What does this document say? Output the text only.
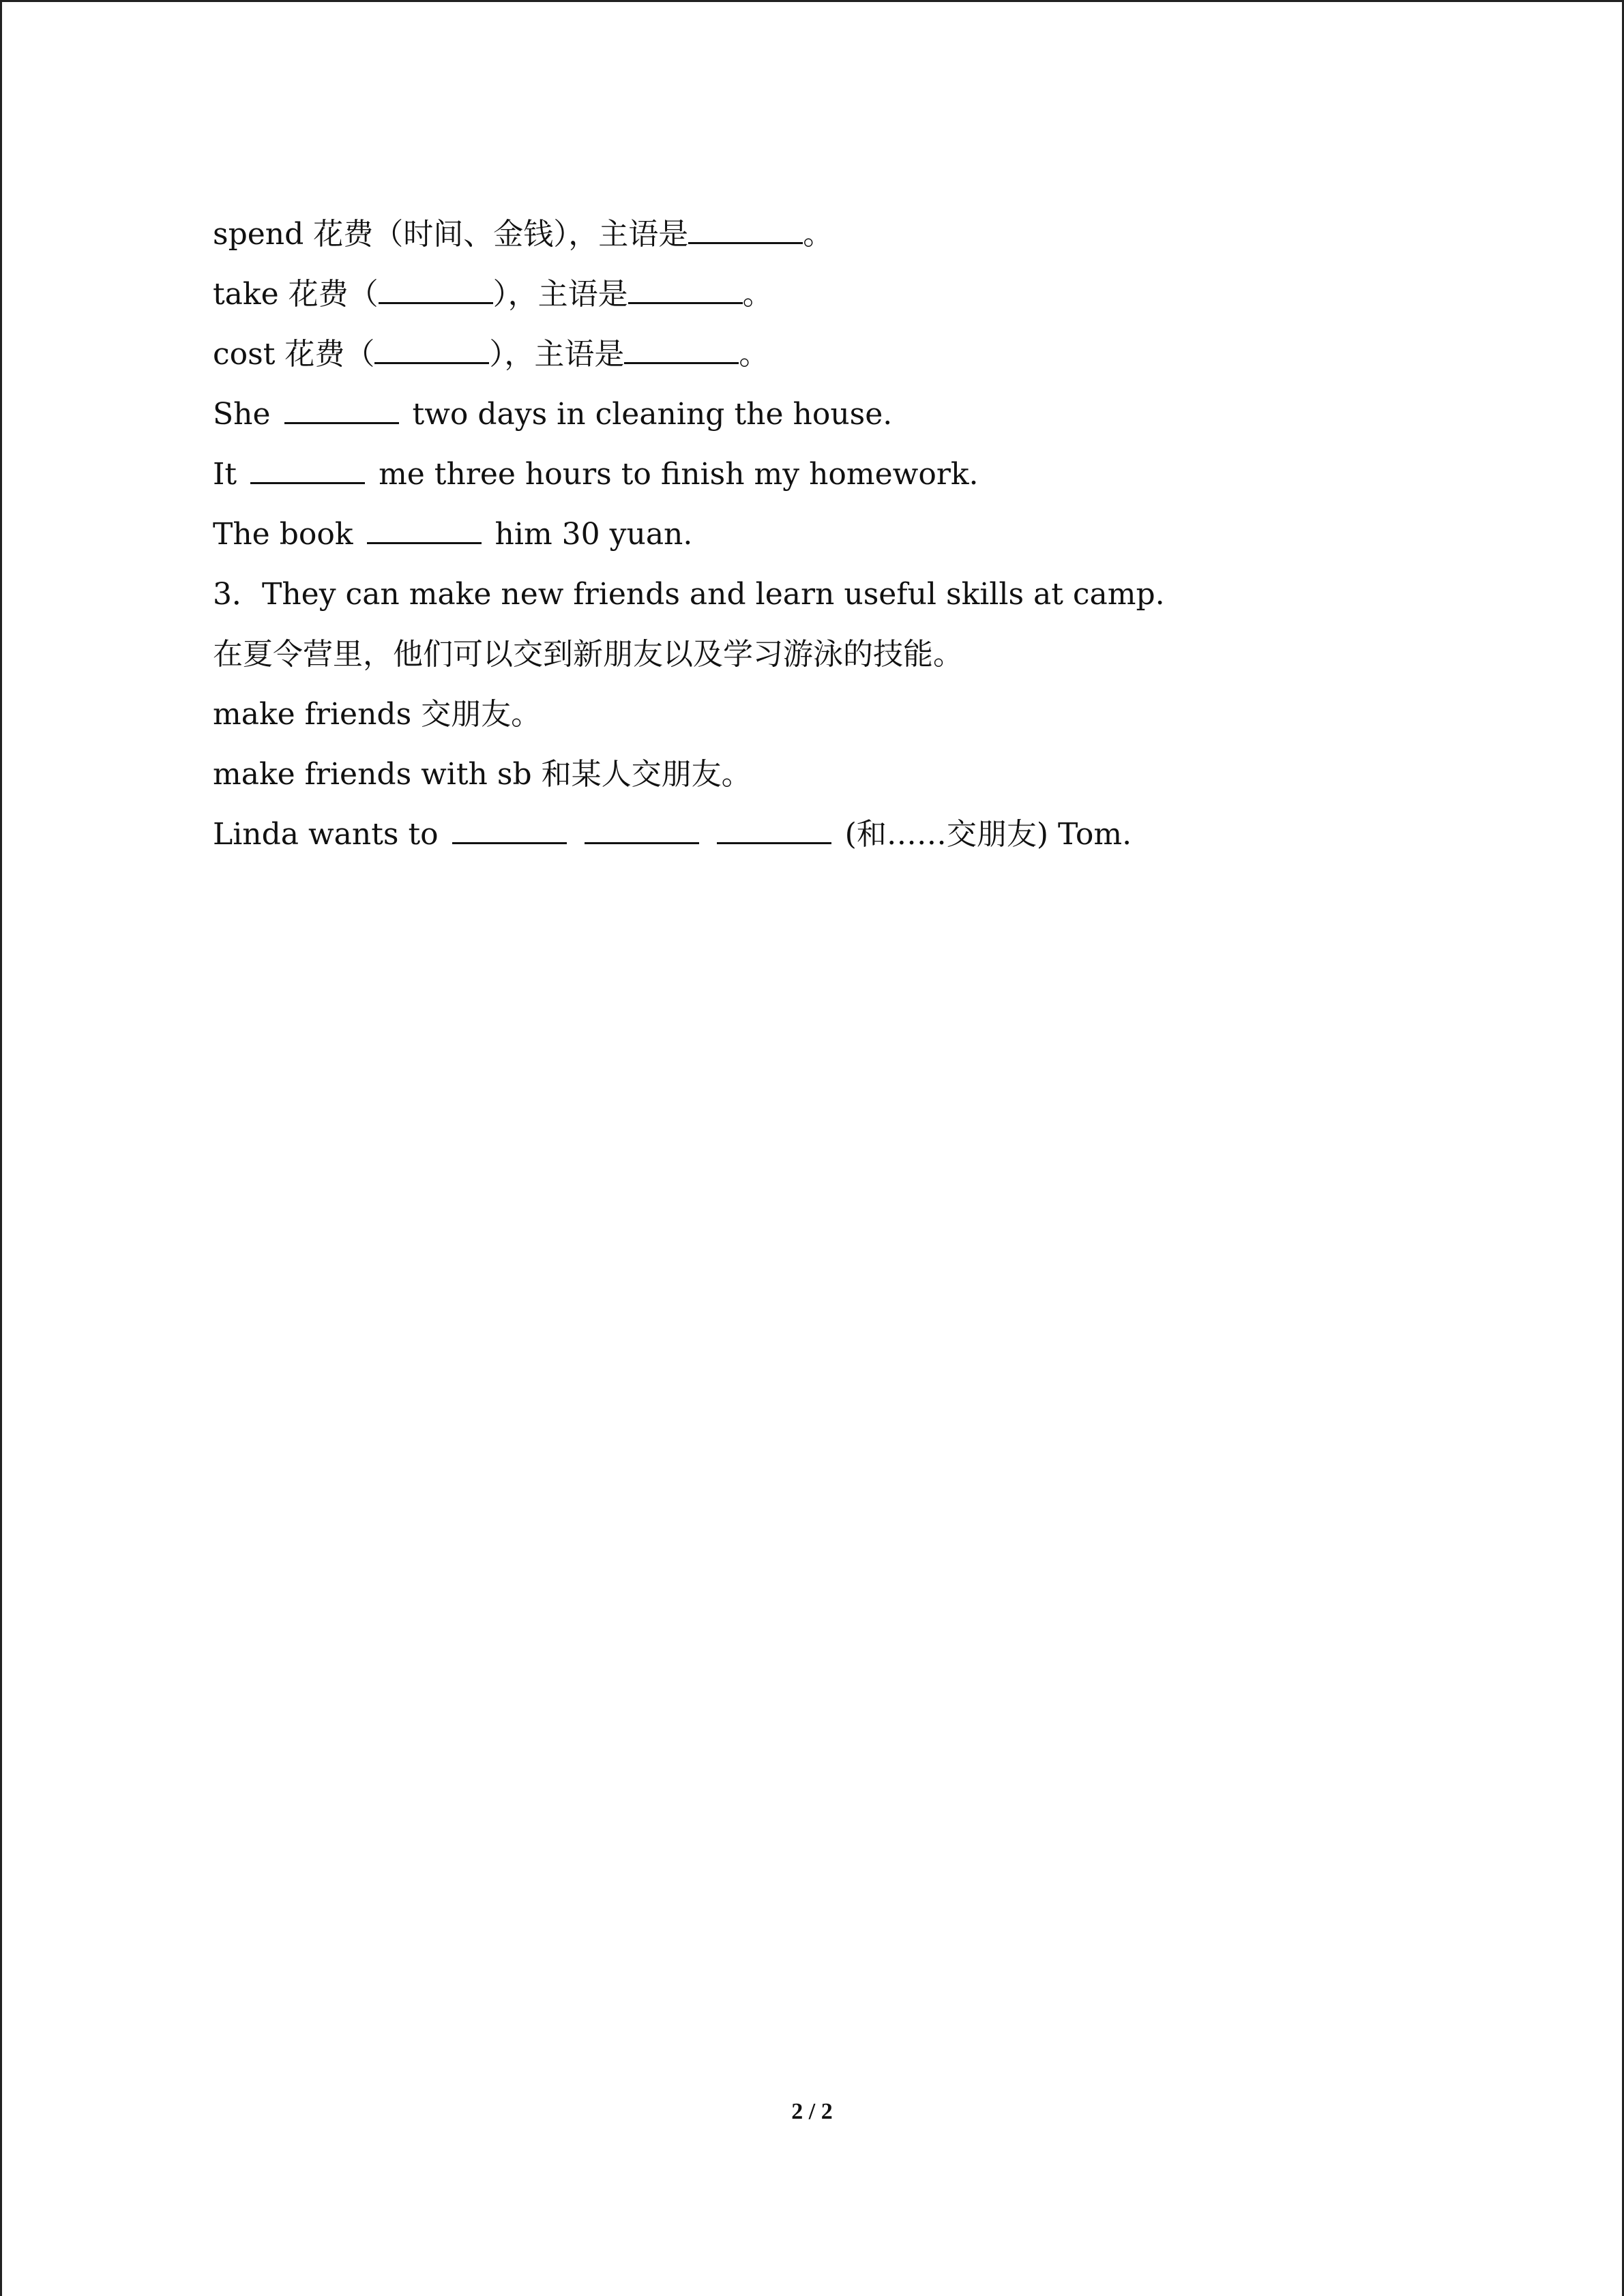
spend 花费（时间、金钱），主语是	。
take 花费（	），主语是	。
cost 花费（	），主语是	。
She	two days in cleaning the house.
It	me three hours to finish my homework.
The book	him 30 yuan.
3．They can make new friends and learn useful skills at camp.
在夏令营里，他们可以交到新朋友以及学习游泳的技能。
make friends 交朋友。
make friends with sb 和某人交朋友。
Linda wants to	(和……交朋友) Tom.
2 / 2
